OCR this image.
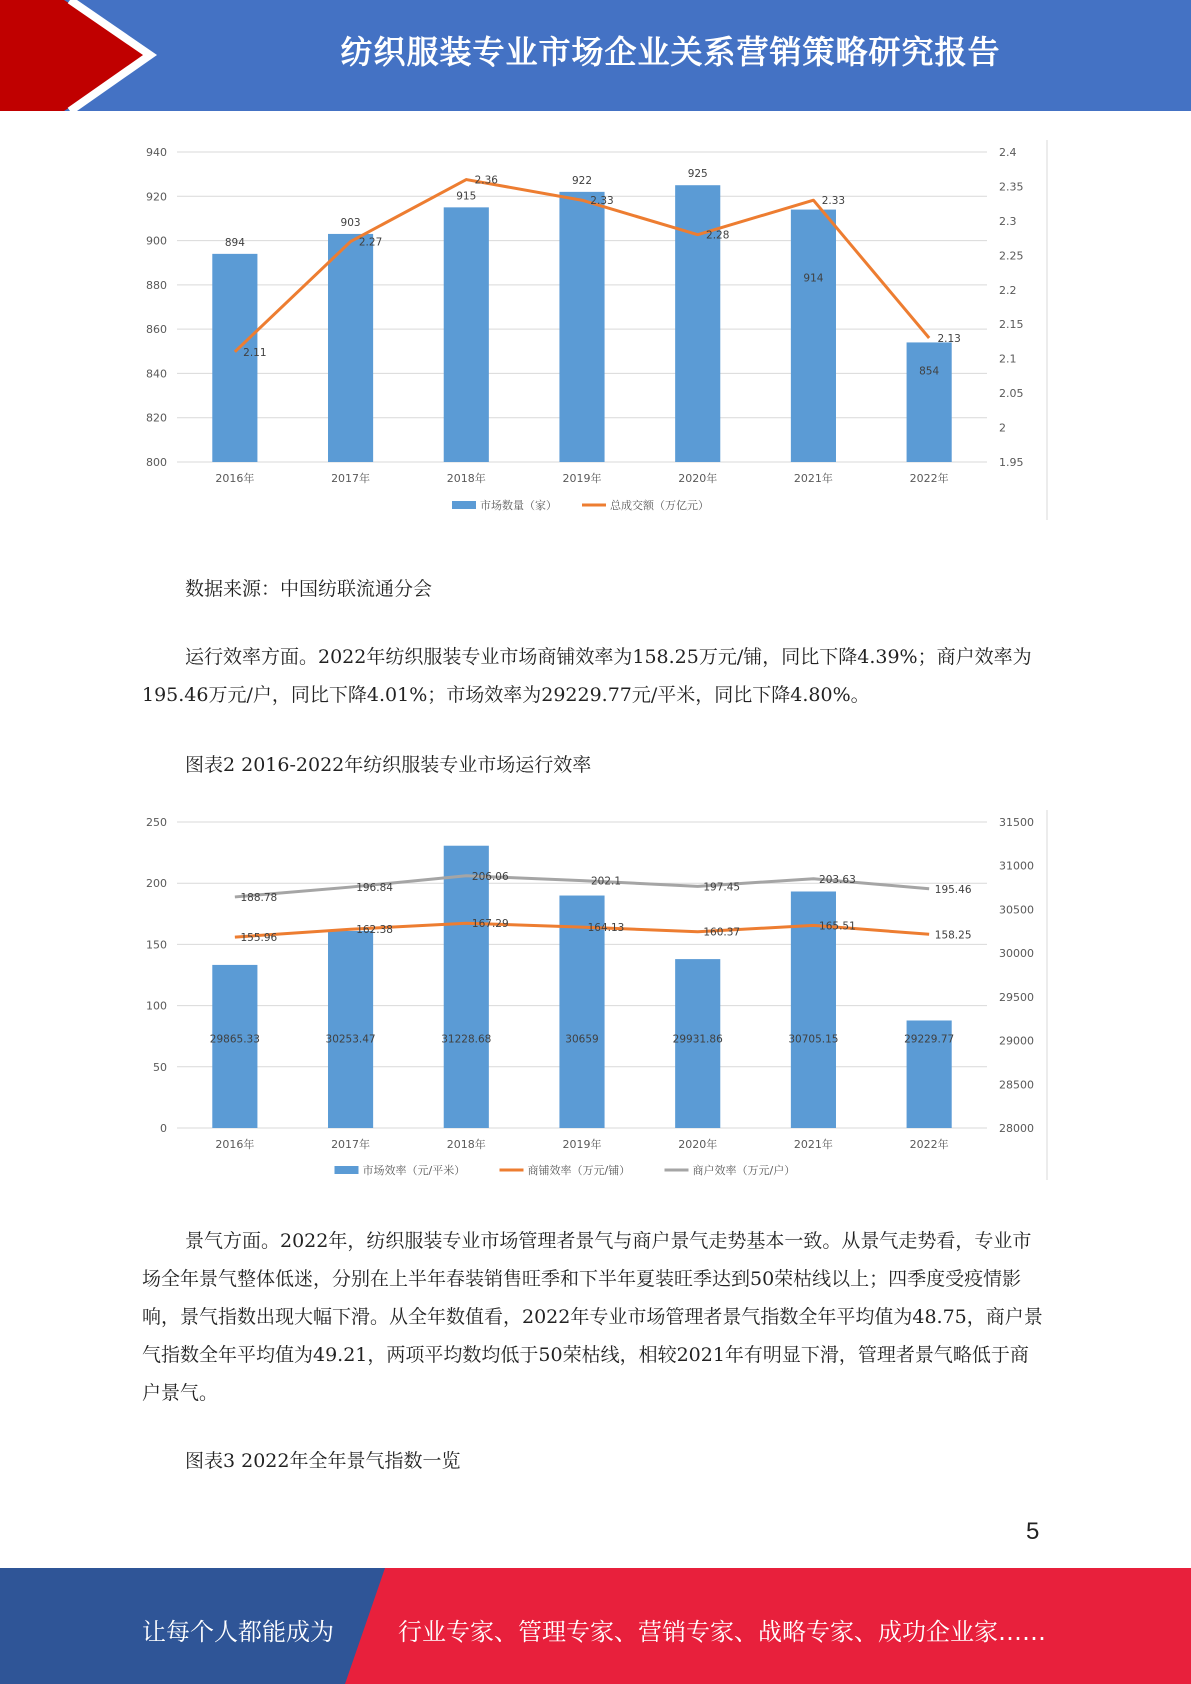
纺织服装专业市场企业关系营销策略研究报告
800
820
840
860
880
900
920
940
1.95
2
2.05
2.1
2.15
2.2
2.25
2.3
2.35
2.4
894
903
915
922
925
914
854
2.11
2.27
2.36
2.33
2.28
2.33
2.13
2016年	2017年	2018年	2019年	2020年	2021年	2022年
市场数量（家）	总成交额（万亿元）

数据来源：中国纺联流通分会

运行效率方面。2022年纺织服装专业市场商铺效率为158.25万元/铺，同比下降4.39%；商户效率为195.46万元/户，同比下降4.01%；市场效率为29229.77元/平米，同比下降4.80%。

图表2 2016-2022年纺织服装专业市场运行效率

0
50
100
150
200
250
28000
28500
29000
29500
30000
30500
31000
31500
29865.33	30253.47	31228.68	30659	29931.86	30705.15	29229.77
155.96
162.38
167.29	164.13	160.37
165.51
158.25
188.78
196.84
206.06	202.1	197.45
203.63
195.46
2016年	2017年	2018年	2019年	2020年	2021年	2022年
市场效率（元/平米）	商铺效率（万元/铺）	商户效率（万元/户）

景气方面。2022年，纺织服装专业市场管理者景气与商户景气走势基本一致。从景气走势看，专业市场全年景气整体低迷，分别在上半年春装销售旺季和下半年夏装旺季达到50荣枯线以上；四季度受疫情影响，景气指数出现大幅下滑。从全年数值看，2022年专业市场管理者景气指数全年平均值为48.75，商户景气指数全年平均值为49.21，两项平均数均低于50荣枯线，相较2021年有明显下滑，管理者景气略低于商户景气。

图表3 2022年全年景气指数一览

5
让每个人都能成为	行业专家、管理专家、营销专家、战略专家、成功企业家……
